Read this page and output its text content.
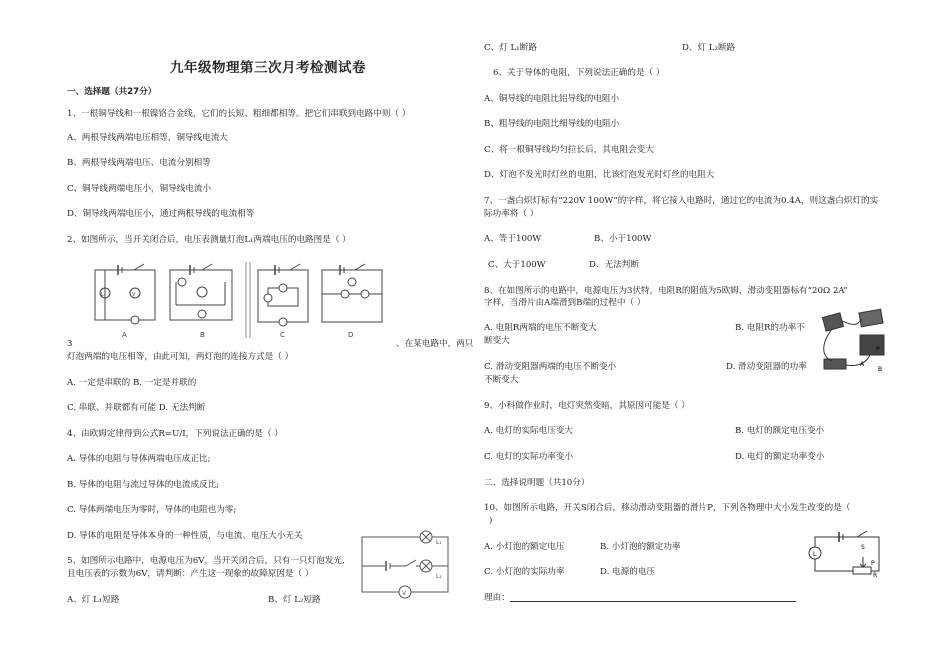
九年级物理第三次月考检测试卷
一、选择题（共27分）
1、一根铜导线和一根镍铬合金线，它们的长短、粗细都相等。把它们串联到电路中则（ ）
A、两根导线两端电压相等，铜导线电流大
B、两根导线两端电压、电流分别相等
C、铜导线两端电压小，铜导线电流小
D、铜导线两端电压小，通过两根导线的电流相等
2、如图所示，当开关闭合后，电压表测量灯泡L₁两端电压的电路图是（ ）
A	B	C	D
L₁	V
3	、在某电路中，两只
灯泡两端的电压相等，由此可知，两灯泡的连接方式是（ ）
A. 一定是串联的 B. 一定是并联的
C. 串联、并联都有可能 D. 无法判断
4、由欧姆定律得到公式R=U/I，下列说法正确的是（ ）
A. 导体的电阻与导体两端电压成正比;
B. 导体的电阻与流过导体的电流成反比;
C. 导体两端电压为零时，导体的电阻也为零;
D. 导体的电阻是导体本身的一种性质，与电流、电压大小无关
5、如图所示电路中，电源电压为6V，当开关闭合后，只有一只灯泡发光,
且电压表的示数为6V，请判断：产生这一现象的故障原因是（ ）
A、灯 L₁短路	B、灯 L₂短路
L₁
L₂
V
C、灯 L₁断路	D、灯 L₂断路
6、关于导体的电阻，下列说法正确的是（ ）
A、铜导线的电阻比铝导线的电阻小
B、粗导线的电阻比细导线的电阻小
C、将一根铜导线均匀拉长后，其电阻会变大
D、灯泡不发光时灯丝的电阻，比该灯泡发光时灯丝的电阻大
7、一盏白炽灯标有“220V 100W”的字样，将它接入电路时，通过它的电流为0.4A，则这盏白炽灯的实
际功率将（ ）
A、等于100W	B、小于100W
C、大于100W	D、无法判断
8、在如图所示的电路中，电源电压为3伏特，电阻R的阻值为5欧姆，滑动变阻器标有“20Ω 2A”
字样，当滑片由A端滑到B端的过程中（ ）
A. 电阻R两端的电压不断变大	B. 电阻R的功率不
断变大
C. 滑动变阻器两端的电压不断变小	D. 滑动变阻器的功率
不断变大
P
A
B
9、小科做作业时，电灯突然变暗，其原因可能是（ ）
A. 电灯的实际电压变大	B. 电灯的额定电压变小
C. 电灯的实际功率变小	D. 电灯的额定功率变小
二、选择说明题（共10分）
10、如图所示电路，开关S闭合后，移动滑动变阻器的滑片P，下列各物理中大小发生改变的是（
)
A. 小灯泡的额定电压	B. 小灯泡的额定功率
C. 小灯泡的实际功率	D. 电源的电压
L
S
P
R
理由：
